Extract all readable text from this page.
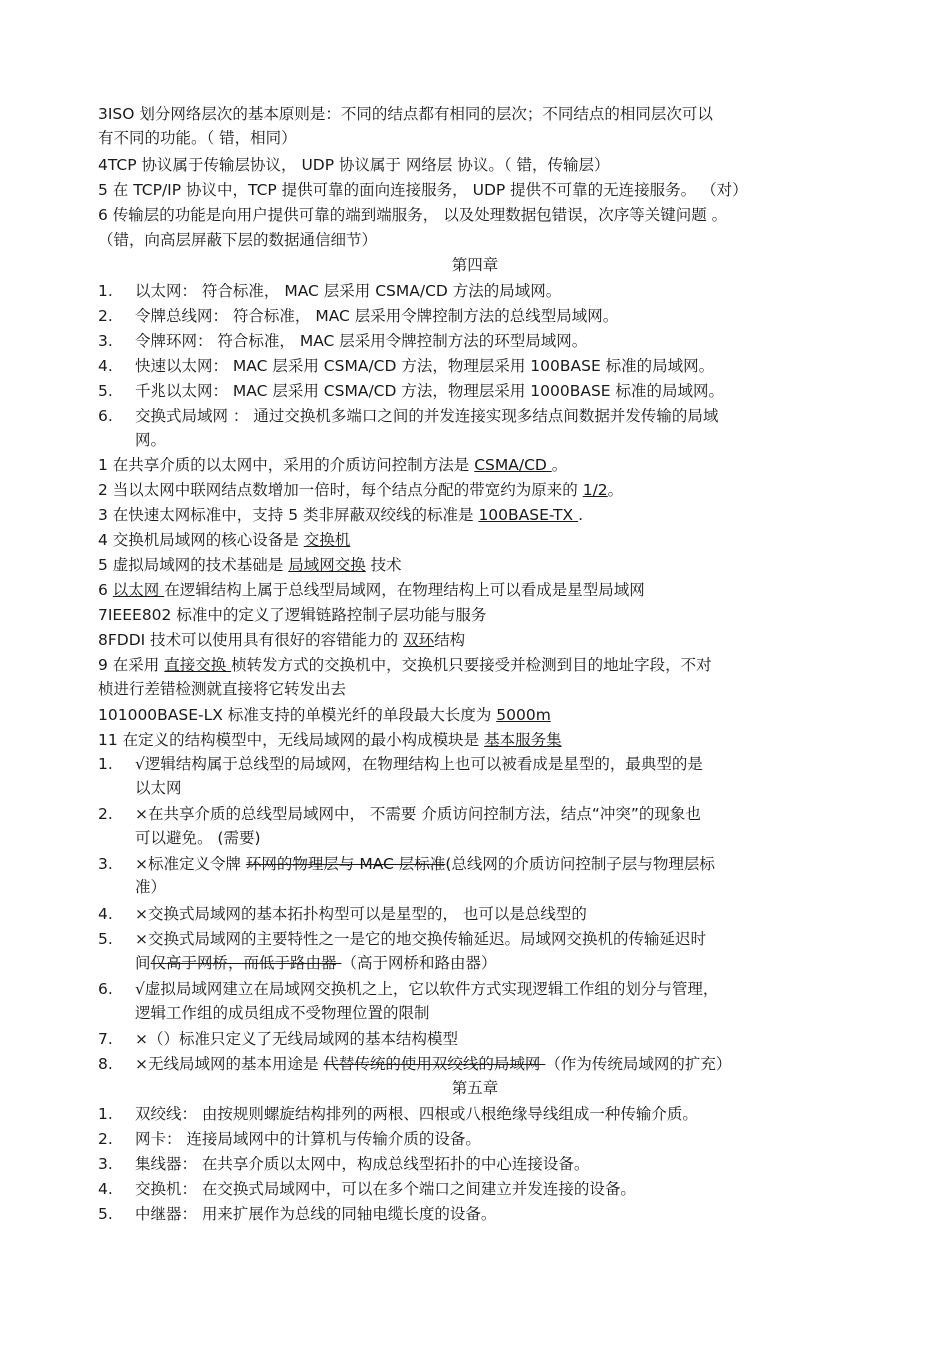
3ISO 划分网络层次的基本原则是：不同的结点都有相同的层次；不同结点的相同层次可以
有不同的功能。（ 错，相同）
4TCP 协议属于传输层协议， UDP 协议属于 网络层 协议。（ 错，传输层）
5 在 TCP/IP 协议中，TCP 提供可靠的面向连接服务， UDP 提供不可靠的无连接服务。 （对）
6 传输层的功能是向用户提供可靠的端到端服务， 以及处理数据包错误，次序等关键问题 。
（错，向高层屏蔽下层的数据通信细节）
第四章
1. 以太网： 符合标准， MAC 层采用 CSMA/CD 方法的局域网。
2. 令牌总线网： 符合标准， MAC 层采用令牌控制方法的总线型局域网。
3. 令牌环网： 符合标准， MAC 层采用令牌控制方法的环型局域网。
4. 快速以太网： MAC 层采用 CSMA/CD 方法，物理层采用 100BASE 标准的局域网。
5. 千兆以太网： MAC 层采用 CSMA/CD 方法，物理层采用 1000BASE 标准的局域网。
6. 交换式局域网 ： 通过交换机多端口之间的并发连接实现多结点间数据并发传输的局域
网。
1 在共享介质的以太网中，采用的介质访问控制方法是 CSMA/CD 。
2 当以太网中联网结点数增加一倍时，每个结点分配的带宽约为原来的 1/2。
3 在快速太网标准中，支持 5 类非屏蔽双绞线的标准是 100BASE-TX .
4 交换机局域网的核心设备是 交换机
5 虚拟局域网的技术基础是 局域网交换 技术
6 以太网 在逻辑结构上属于总线型局域网，在物理结构上可以看成是星型局域网
7IEEE802 标准中的定义了逻辑链路控制子层功能与服务
8FDDI 技术可以使用具有很好的容错能力的 双环结构
9 在采用 直接交换 桢转发方式的交换机中，交换机只要接受并检测到目的地址字段，不对
桢进行差错检测就直接将它转发出去
101000BASE-LX 标准支持的单模光纤的单段最大长度为 5000m
11 在定义的结构模型中，无线局域网的最小构成模块是 基本服务集
1. √逻辑结构属于总线型的局域网，在物理结构上也可以被看成是星型的，最典型的是
以太网
2. ×在共享介质的总线型局域网中， 不需要 介质访问控制方法，结点“冲突”的现象也
可以避免。 (需要)
3. ×标准定义令牌 环网的物理层与 MAC 层标准(总线网的介质访问控制子层与物理层标
准）
4. ×交换式局域网的基本拓扑构型可以是星型的， 也可以是总线型的
5. ×交换式局域网的主要特性之一是它的地交换传输延迟。局域网交换机的传输延迟时
间仅高于网桥，而低于路由器 （高于网桥和路由器）
6. √虚拟局域网建立在局域网交换机之上，它以软件方式实现逻辑工作组的划分与管理，
逻辑工作组的成员组成不受物理位置的限制
7. ×（）标准只定义了无线局域网的基本结构模型
8. ×无线局域网的基本用途是 代替传统的使用双绞线的局域网 （作为传统局域网的扩充）
第五章
1. 双绞线： 由按规则螺旋结构排列的两根、四根或八根绝缘导线组成一种传输介质。
2. 网卡： 连接局域网中的计算机与传输介质的设备。
3. 集线器： 在共享介质以太网中，构成总线型拓扑的中心连接设备。
4. 交换机： 在交换式局域网中，可以在多个端口之间建立并发连接的设备。
5. 中继器： 用来扩展作为总线的同轴电缆长度的设备。
